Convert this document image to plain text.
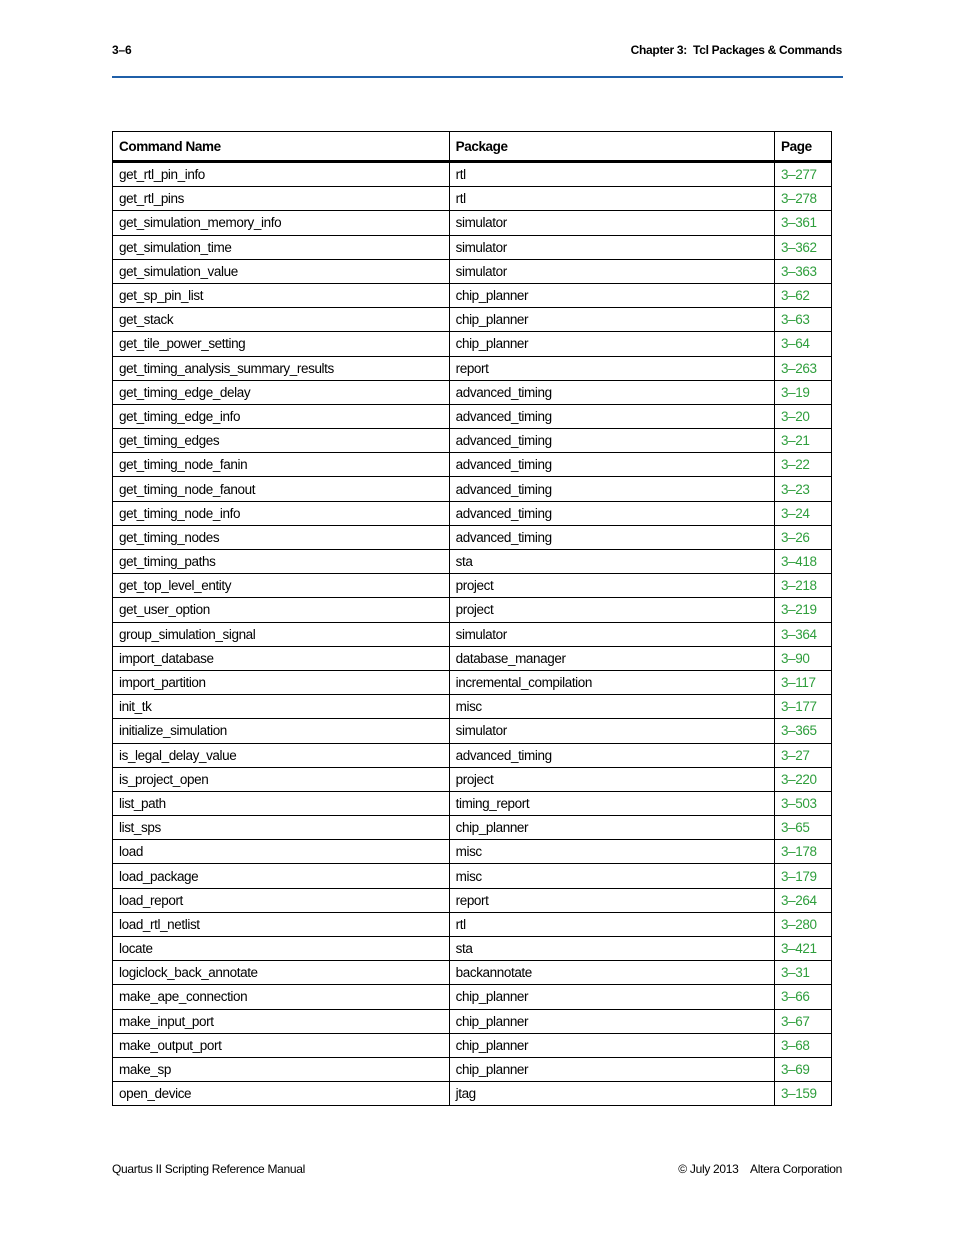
3–6	Chapter 3:  Tcl Packages & Commands
Command Name	Package	Page
get_rtl_pin_info	rtl	3–277
get_rtl_pins	rtl	3–278
get_simulation_memory_info	simulator	3–361
get_simulation_time	simulator	3–362
get_simulation_value	simulator	3–363
get_sp_pin_list	chip_planner	3–62
get_stack	chip_planner	3–63
get_tile_power_setting	chip_planner	3–64
get_timing_analysis_summary_results	report	3–263
get_timing_edge_delay	advanced_timing	3–19
get_timing_edge_info	advanced_timing	3–20
get_timing_edges	advanced_timing	3–21
get_timing_node_fanin	advanced_timing	3–22
get_timing_node_fanout	advanced_timing	3–23
get_timing_node_info	advanced_timing	3–24
get_timing_nodes	advanced_timing	3–26
get_timing_paths	sta	3–418
get_top_level_entity	project	3–218
get_user_option	project	3–219
group_simulation_signal	simulator	3–364
import_database	database_manager	3–90
import_partition	incremental_compilation	3–117
init_tk	misc	3–177
initialize_simulation	simulator	3–365
is_legal_delay_value	advanced_timing	3–27
is_project_open	project	3–220
list_path	timing_report	3–503
list_sps	chip_planner	3–65
load	misc	3–178
load_package	misc	3–179
load_report	report	3–264
load_rtl_netlist	rtl	3–280
locate	sta	3–421
logiclock_back_annotate	backannotate	3–31
make_ape_connection	chip_planner	3–66
make_input_port	chip_planner	3–67
make_output_port	chip_planner	3–68
make_sp	chip_planner	3–69
open_device	jtag	3–159
Quartus II Scripting Reference Manual	© July 2013    Altera Corporation
